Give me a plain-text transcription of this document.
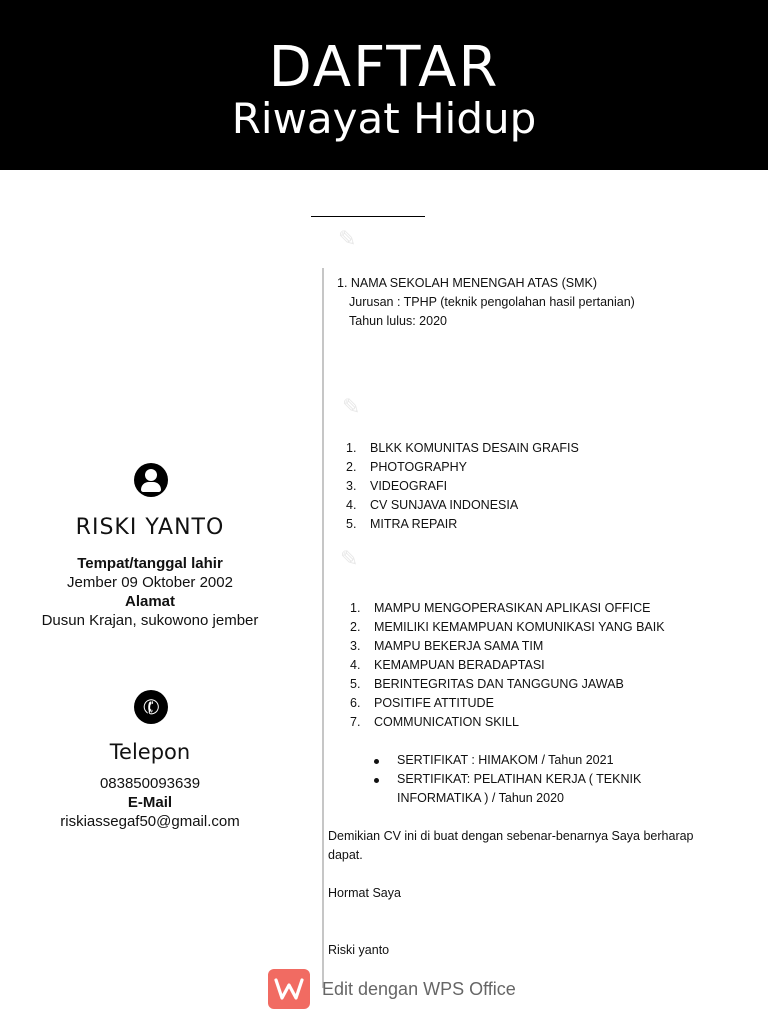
DAFTAR
Riwayat Hidup
✎
✎
✎
RISKI YANTO
Tempat/tanggal lahir
Jember 09 Oktober 2002
Alamat
Dusun Krajan, sukowono jember
✆
Telepon
083850093639
E-Mail
riskiassegaf50@gmail.com
1. NAMA SEKOLAH MENENGAH ATAS (SMK)
Jurusan : TPHP (teknik pengolahan hasil pertanian)
Tahun lulus: 2020
1. BLKK KOMUNITAS DESAIN GRAFIS
2. PHOTOGRAPHY
3. VIDEOGRAFI
4. CV SUNJAVA INDONESIA
5. MITRA REPAIR
1. MAMPU MENGOPERASIKAN APLIKASI OFFICE
2. MEMILIKI KEMAMPUAN KOMUNIKASI YANG BAIK
3. MAMPU BEKERJA SAMA TIM
4. KEMAMPUAN BERADAPTASI
5. BERINTEGRITAS DAN TANGGUNG JAWAB
6. POSITIFE ATTITUDE
7. COMMUNICATION SKILL
SERTIFIKAT : HIMAKOM / Tahun 2021
SERTIFIKAT: PELATIHAN KERJA ( TEKNIK
INFORMATIKA ) / Tahun 2020

Demikian CV ini di buat dengan sebenar-benarnya Saya berharap

dapat.

Hormat Saya

Riski yanto

Edit dengan WPS Office
